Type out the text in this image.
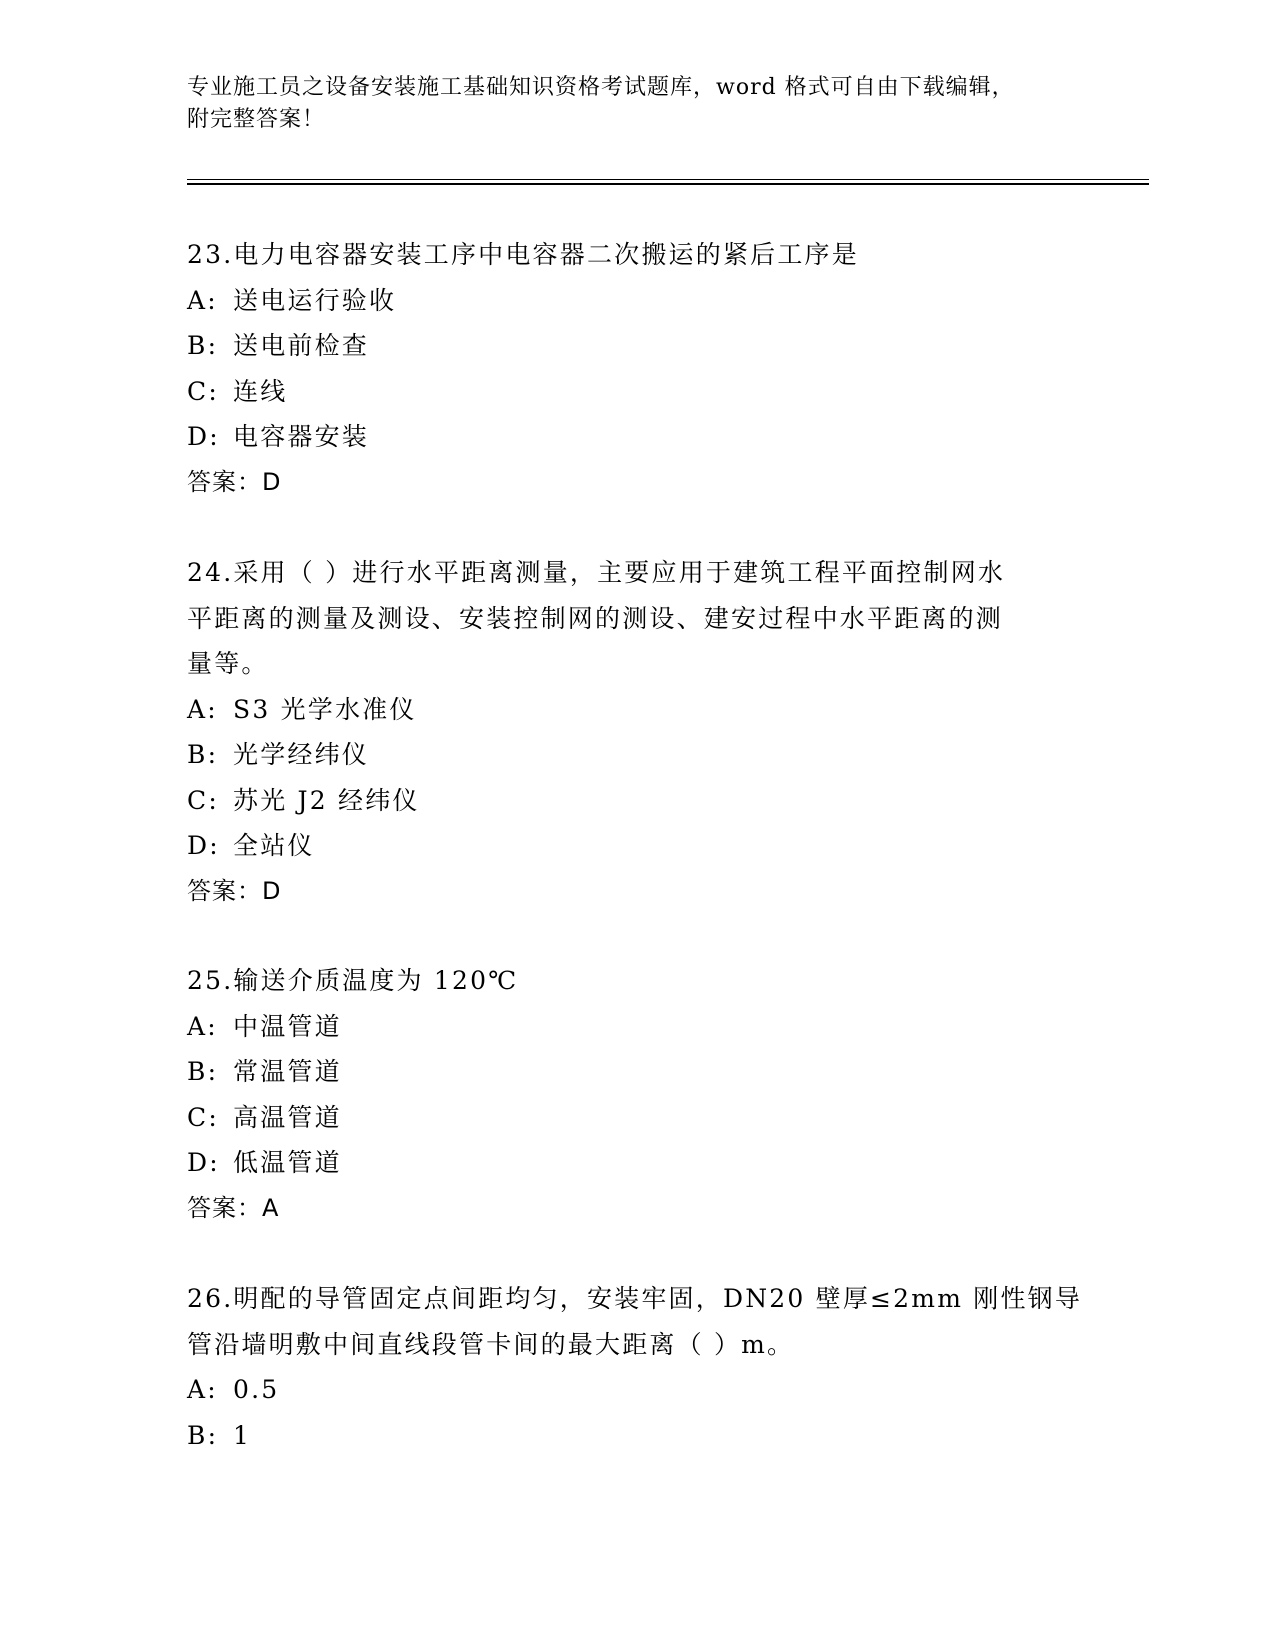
专业施工员之设备安装施工基础知识资格考试题库，word 格式可自由下载编辑，
附完整答案！
23.电力电容器安装工序中电容器二次搬运的紧后工序是
A: 送电运行验收
B: 送电前检查
C: 连线
D: 电容器安装
答案：D
24.采用（ ）进行水平距离测量，主要应用于建筑工程平面控制网水
平距离的测量及测设、安装控制网的测设、建安过程中水平距离的测
量等。
A: S3 光学水准仪
B: 光学经纬仪
C: 苏光 J2 经纬仪
D: 全站仪
答案：D
25.输送介质温度为 120℃
A: 中温管道
B: 常温管道
C: 高温管道
D: 低温管道
答案：A
26.明配的导管固定点间距均匀，安装牢固，DN20 壁厚≤2mm 刚性钢导
管沿墙明敷中间直线段管卡间的最大距离（ ）m。
A: 0.5
B: 1
